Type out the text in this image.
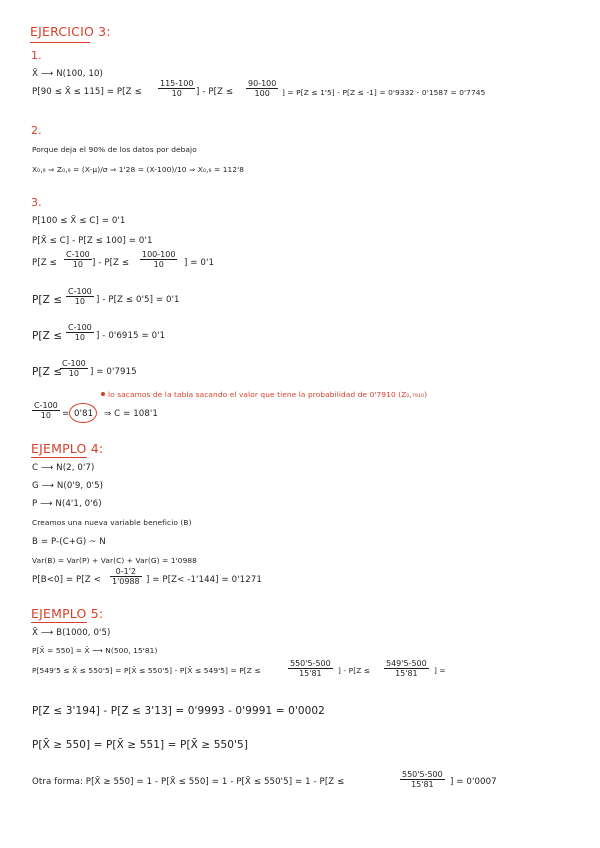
EJERCICIO 3:
1.
X̄ ⟶ N(100, 10)
P[90 ≤ X̄ ≤ $115] = P[Z \le \frac{115-100}{10}$ ] - $P[Z \le \frac{90-100}{100}$ ] = P[Z ≤ 1'5] - P[Z ≤ -1] = 0'9332 - 0'1587 = 0'7745
2.
Porque deja el 90% de los datos por debajo
X₀,₉ ⇒ Z₀,₉ = (X-μ)/σ ⇒ 1'28 = (X-100)/10 ⇒ X₀,₉ = 112'8
3.
P[100 ≤ X̄ ≤ C] = 0'1
P[X̄ ≤ C] - P[Z ≤ 100] = 0'1
$P[Z \le \frac{C-100}{10}$ ] - $P[Z \le \frac{100-100}{10}$ ] = 0'1
$P[Z \le \frac{C-100}{10}$ ] - P[Z ≤ 0'5] = 0'1
$P[Z \le \frac{C-100}{10}$ ] - 0'6915 = 0'1
P[Z ≤
$\frac{C-100}{10}$ ] = 0'7915
$\frac{C-100}{10} = 0'81$ ⇒ C = 108'1
lo sacamos de la tabla sacando el valor que tiene la probabilidad de 0'7910 (Z₀,₇₉₁₀)
EJEMPLO 4:
C ⟶ N(2, 0'7)
G ⟶ N(0'9, 0'5)
P ⟶ N(4'1, 0'6)
Creamos una nueva variable beneficio (B)
B = P-(C+G) ~ N
Var(B) = Var(P) + Var(C) + Var(G) = 1'0988
$P[B<0] = P[Z < \frac{0-1'2}{1'0988}$ ] = P[Z< -1'144] = 0'1271
EJEMPLO 5:
X̄ ⟶ B(1000, 0'5)
P[X̄ = 550] = X̄ ⟶ N(500, 15'81)
P[549'5 ≤ X̄ ≤ 550'5] = P[X̄ ≤ 550'5] - P[X̄ ≤ 549'5] = P[Z ≤	$\frac{550'5-500}{15'81}$ ] - $P[Z \le \frac{549'5-500}{15'81}$ ] =
P[Z ≤ 3'194] - P[Z ≤ 3'13] = 0'9993 - 0'9991 = 0'0002
P[X̄ ≥ 550] = P[X̄ ≥ 551] = P[X̄ ≥ 550'5]
Otra forma: P[X̄ ≥ 550] = 1 - P[X̄ ≤ 550] = 1 - P[X̄ ≤ 550'5] = 1 - P[Z ≤	$\frac{550'5-500}{15'81}$ ] = 0'0007
